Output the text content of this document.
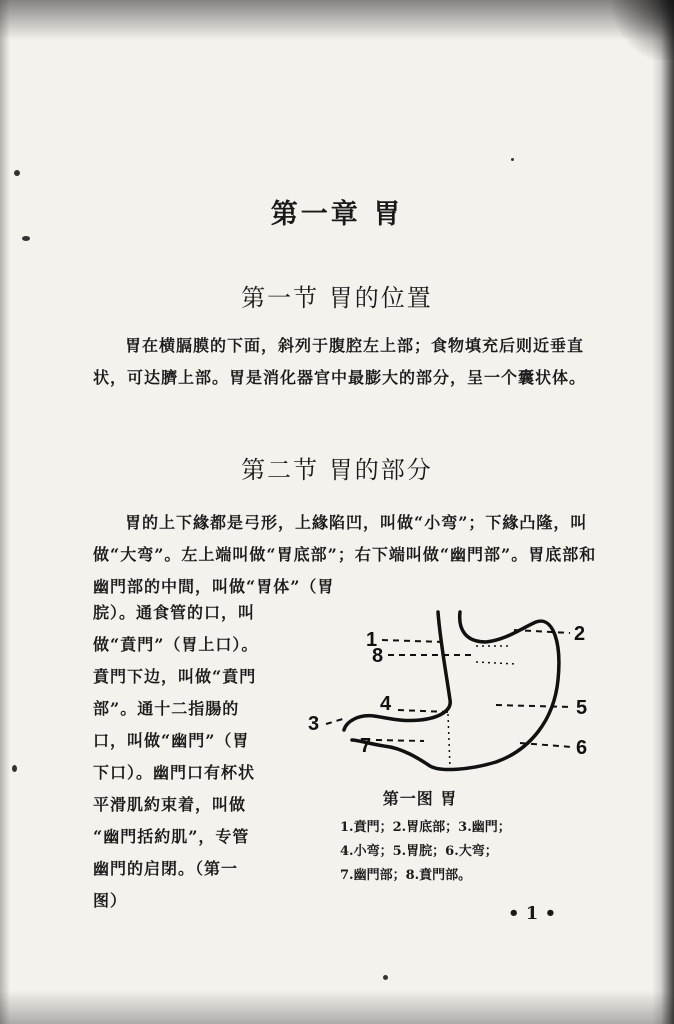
第一章 胃
第一节 胃的位置
胃在横膈膜的下面，斜列于腹腔左上部；食物填充后则近垂直状，可达臍上部。胃是消化器官中最膨大的部分，呈一个囊状体。
第二节 胃的部分
胃的上下緣都是弓形，上緣陷凹，叫做“小弯”；下緣凸隆，叫做“大弯”。左上端叫做“胃底部”；右下端叫做“幽門部”。胃底部和幽門部的中間，叫做“胃体”（胃
脘）。通食管的口，叫
做“賁門”（胃上口）。
賁門下边，叫做“賁門
部”。通十二指腸的
口，叫做“幽門”（胃
下口）。幽門口有杯状
平滑肌約束着，叫做
“幽門括約肌”，专管
幽門的启閉。（第一
图）
1	2
3
4	5
6
7
8
第一图 胃
1.賁門；2.胃底部；3.幽門；
4.小弯；5.胃脘；6.大弯；
7.幽門部；8.賁門部。
• 1 •
